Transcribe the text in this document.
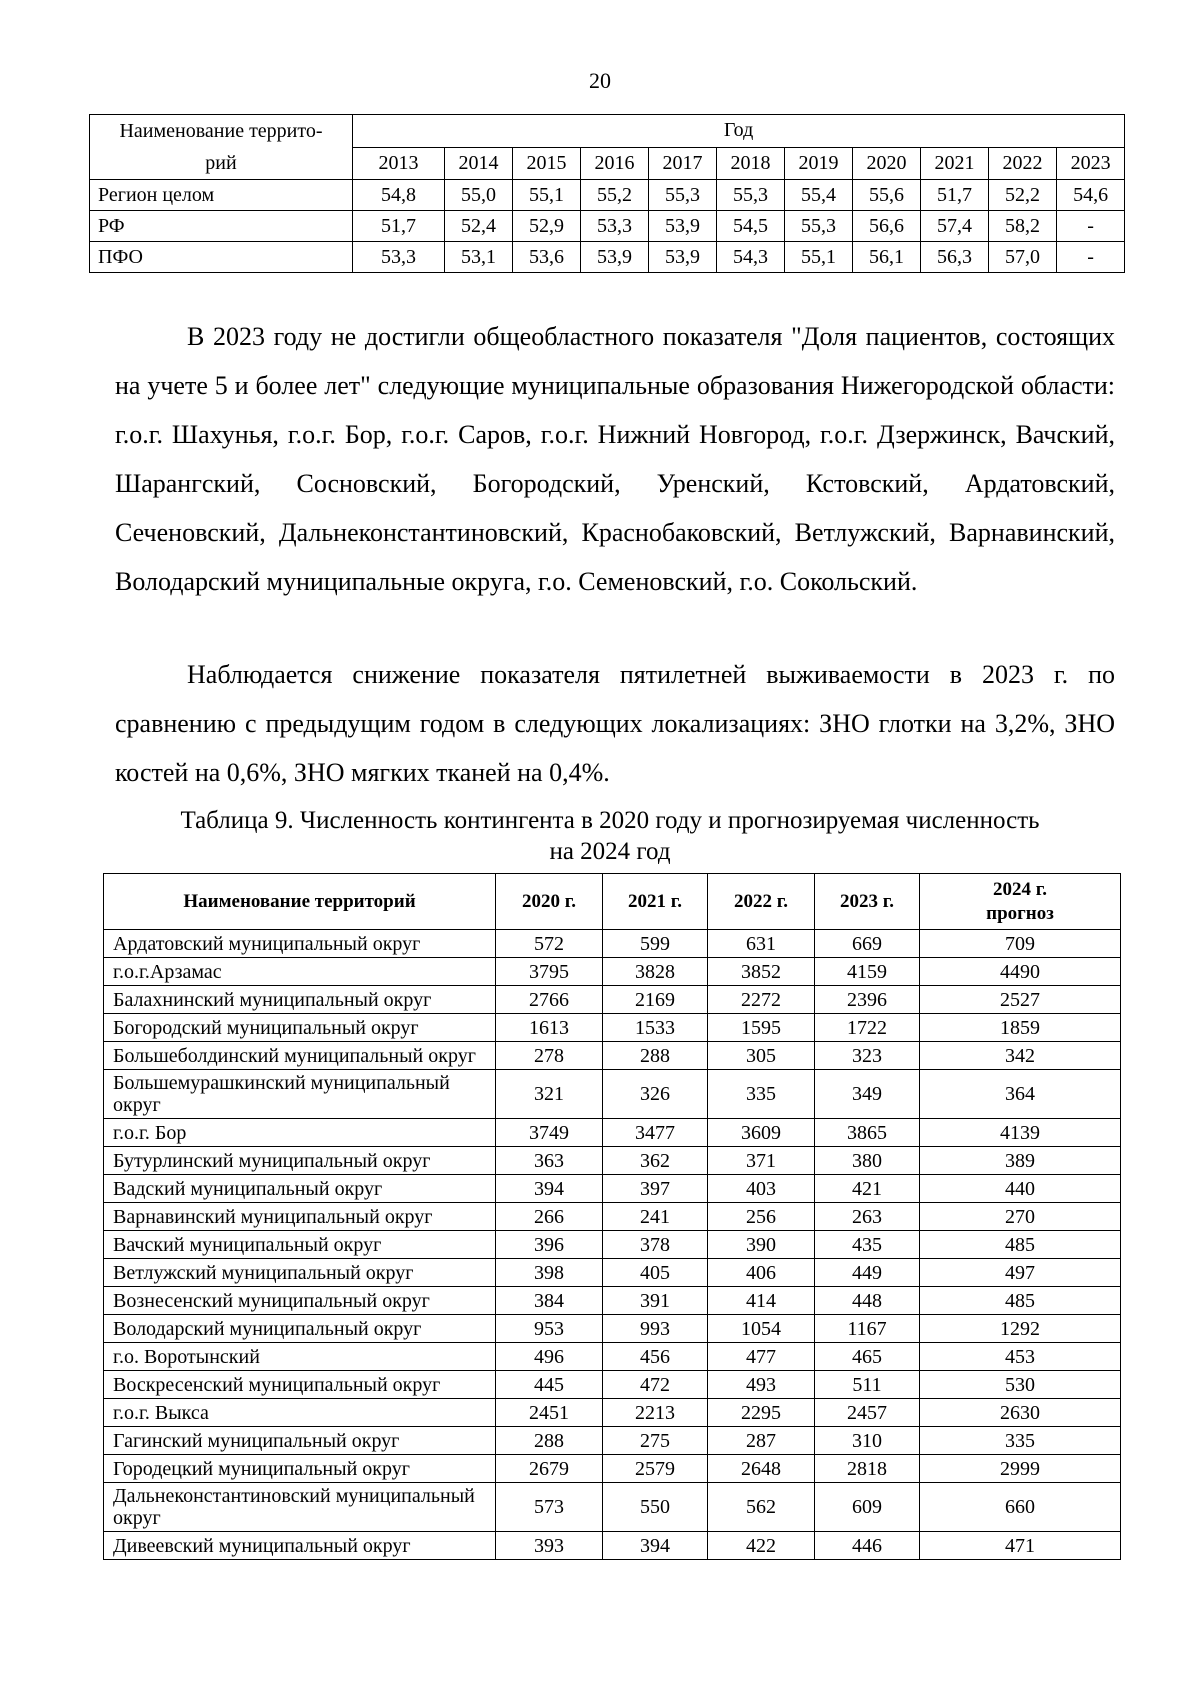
20
Наименование террито-
рий	Год										
	2013	2014	2015	2016	2017	2018	2019	2020	2021	2022	2023
Регион целом	54,8	55,0	55,1	55,2	55,3	55,3	55,4	55,6	51,7	52,2	54,6
РФ	51,7	52,4	52,9	53,3	53,9	54,5	55,3	56,6	57,4	58,2	-
ПФО	53,3	53,1	53,6	53,9	53,9	54,3	55,1	56,1	56,3	57,0	-

В 2023 году не достигли общеобластного показателя "Доля пациентов, состоящих на учете 5 и более лет" следующие муниципальные образования Нижегородской области: г.о.г. Шахунья, г.о.г. Бор, г.о.г. Саров, г.о.г. Нижний Новгород, г.о.г. Дзержинск, Вачский, Шарангский, Сосновский, Богородский, Уренский, Кстовский, Ардатовский, Сеченовский, Дальнеконстантиновский, Краснобаковский, Ветлужский, Варнавинский, Володарский муниципальные округа, г.о. Семеновский, г.о. Сокольский.

Наблюдается снижение показателя пятилетней выживаемости в 2023 г. по сравнению с предыдущим годом в следующих локализациях: ЗНО глотки на 3,2%, ЗНО костей на 0,6%, ЗНО мягких тканей на 0,4%.

Таблица 9. Численность контингента в 2020 году и прогнозируемая численность
на 2024 год

Наименование территорий	2020 г.	2021 г.	2022 г.	2023 г.	2024 г.
прогноз
Ардатовский муниципальный округ	572	599	631	669	709
г.о.г.Арзамас	3795	3828	3852	4159	4490
Балахнинский муниципальный округ	2766	2169	2272	2396	2527
Богородский муниципальный округ	1613	1533	1595	1722	1859
Большеболдинский муниципальный округ	278	288	305	323	342
Большемурашкинский муниципальный округ	321	326	335	349	364
г.о.г. Бор	3749	3477	3609	3865	4139
Бутурлинский муниципальный округ	363	362	371	380	389
Вадский муниципальный округ	394	397	403	421	440
Варнавинский муниципальный округ	266	241	256	263	270
Вачский муниципальный округ	396	378	390	435	485
Ветлужский муниципальный округ	398	405	406	449	497
Вознесенский муниципальный округ	384	391	414	448	485
Володарский муниципальный округ	953	993	1054	1167	1292
г.о. Воротынский	496	456	477	465	453
Воскресенский муниципальный округ	445	472	493	511	530
г.о.г. Выкса	2451	2213	2295	2457	2630
Гагинский муниципальный округ	288	275	287	310	335
Городецкий муниципальный округ	2679	2579	2648	2818	2999
Дальнеконстантиновский муниципальный округ	573	550	562	609	660
Дивеевский муниципальный округ	393	394	422	446	471
